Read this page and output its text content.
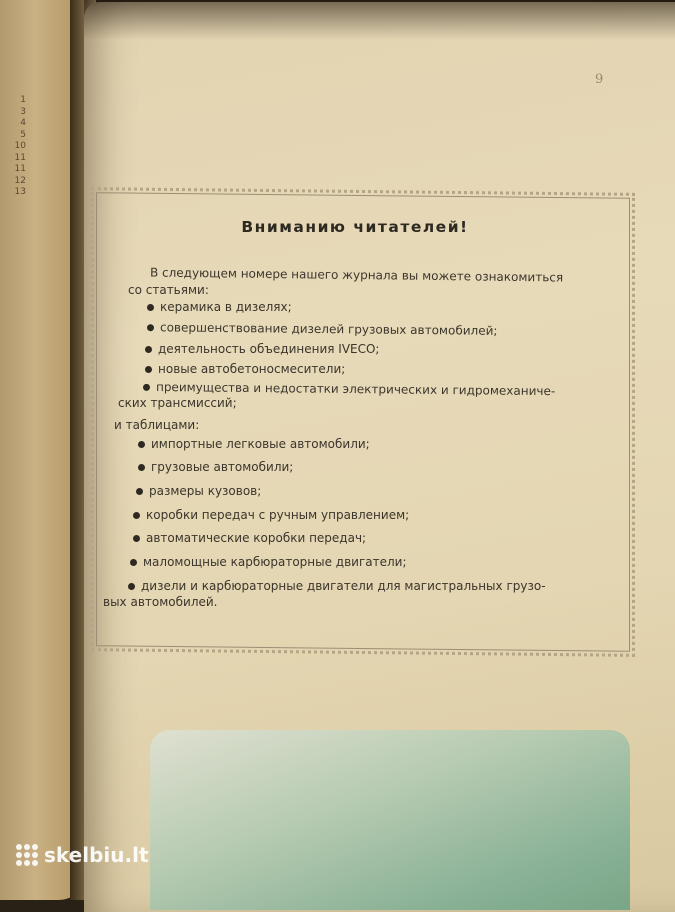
1
3
4
5
10
11
11
12
13
9
Вниманию читателей!
В следующем номере нашего журнала вы можете ознакомиться
со статьями:
керамика в дизелях;
совершенствование дизелей грузовых автомобилей;
деятельность объединения IVECO;
новые автобетоносмесители;
преимущества и недостатки электрических и гидромеханиче-
ских трансмиссий;
и таблицами:
импортные легковые автомобили;
грузовые автомобили;
размеры кузовов;
коробки передач с ручным управлением;
автоматические коробки передач;
маломощные карбюраторные двигатели;
дизели и карбюраторные двигатели для магистральных грузо-
вых автомобилей.
skelbiu.lt
